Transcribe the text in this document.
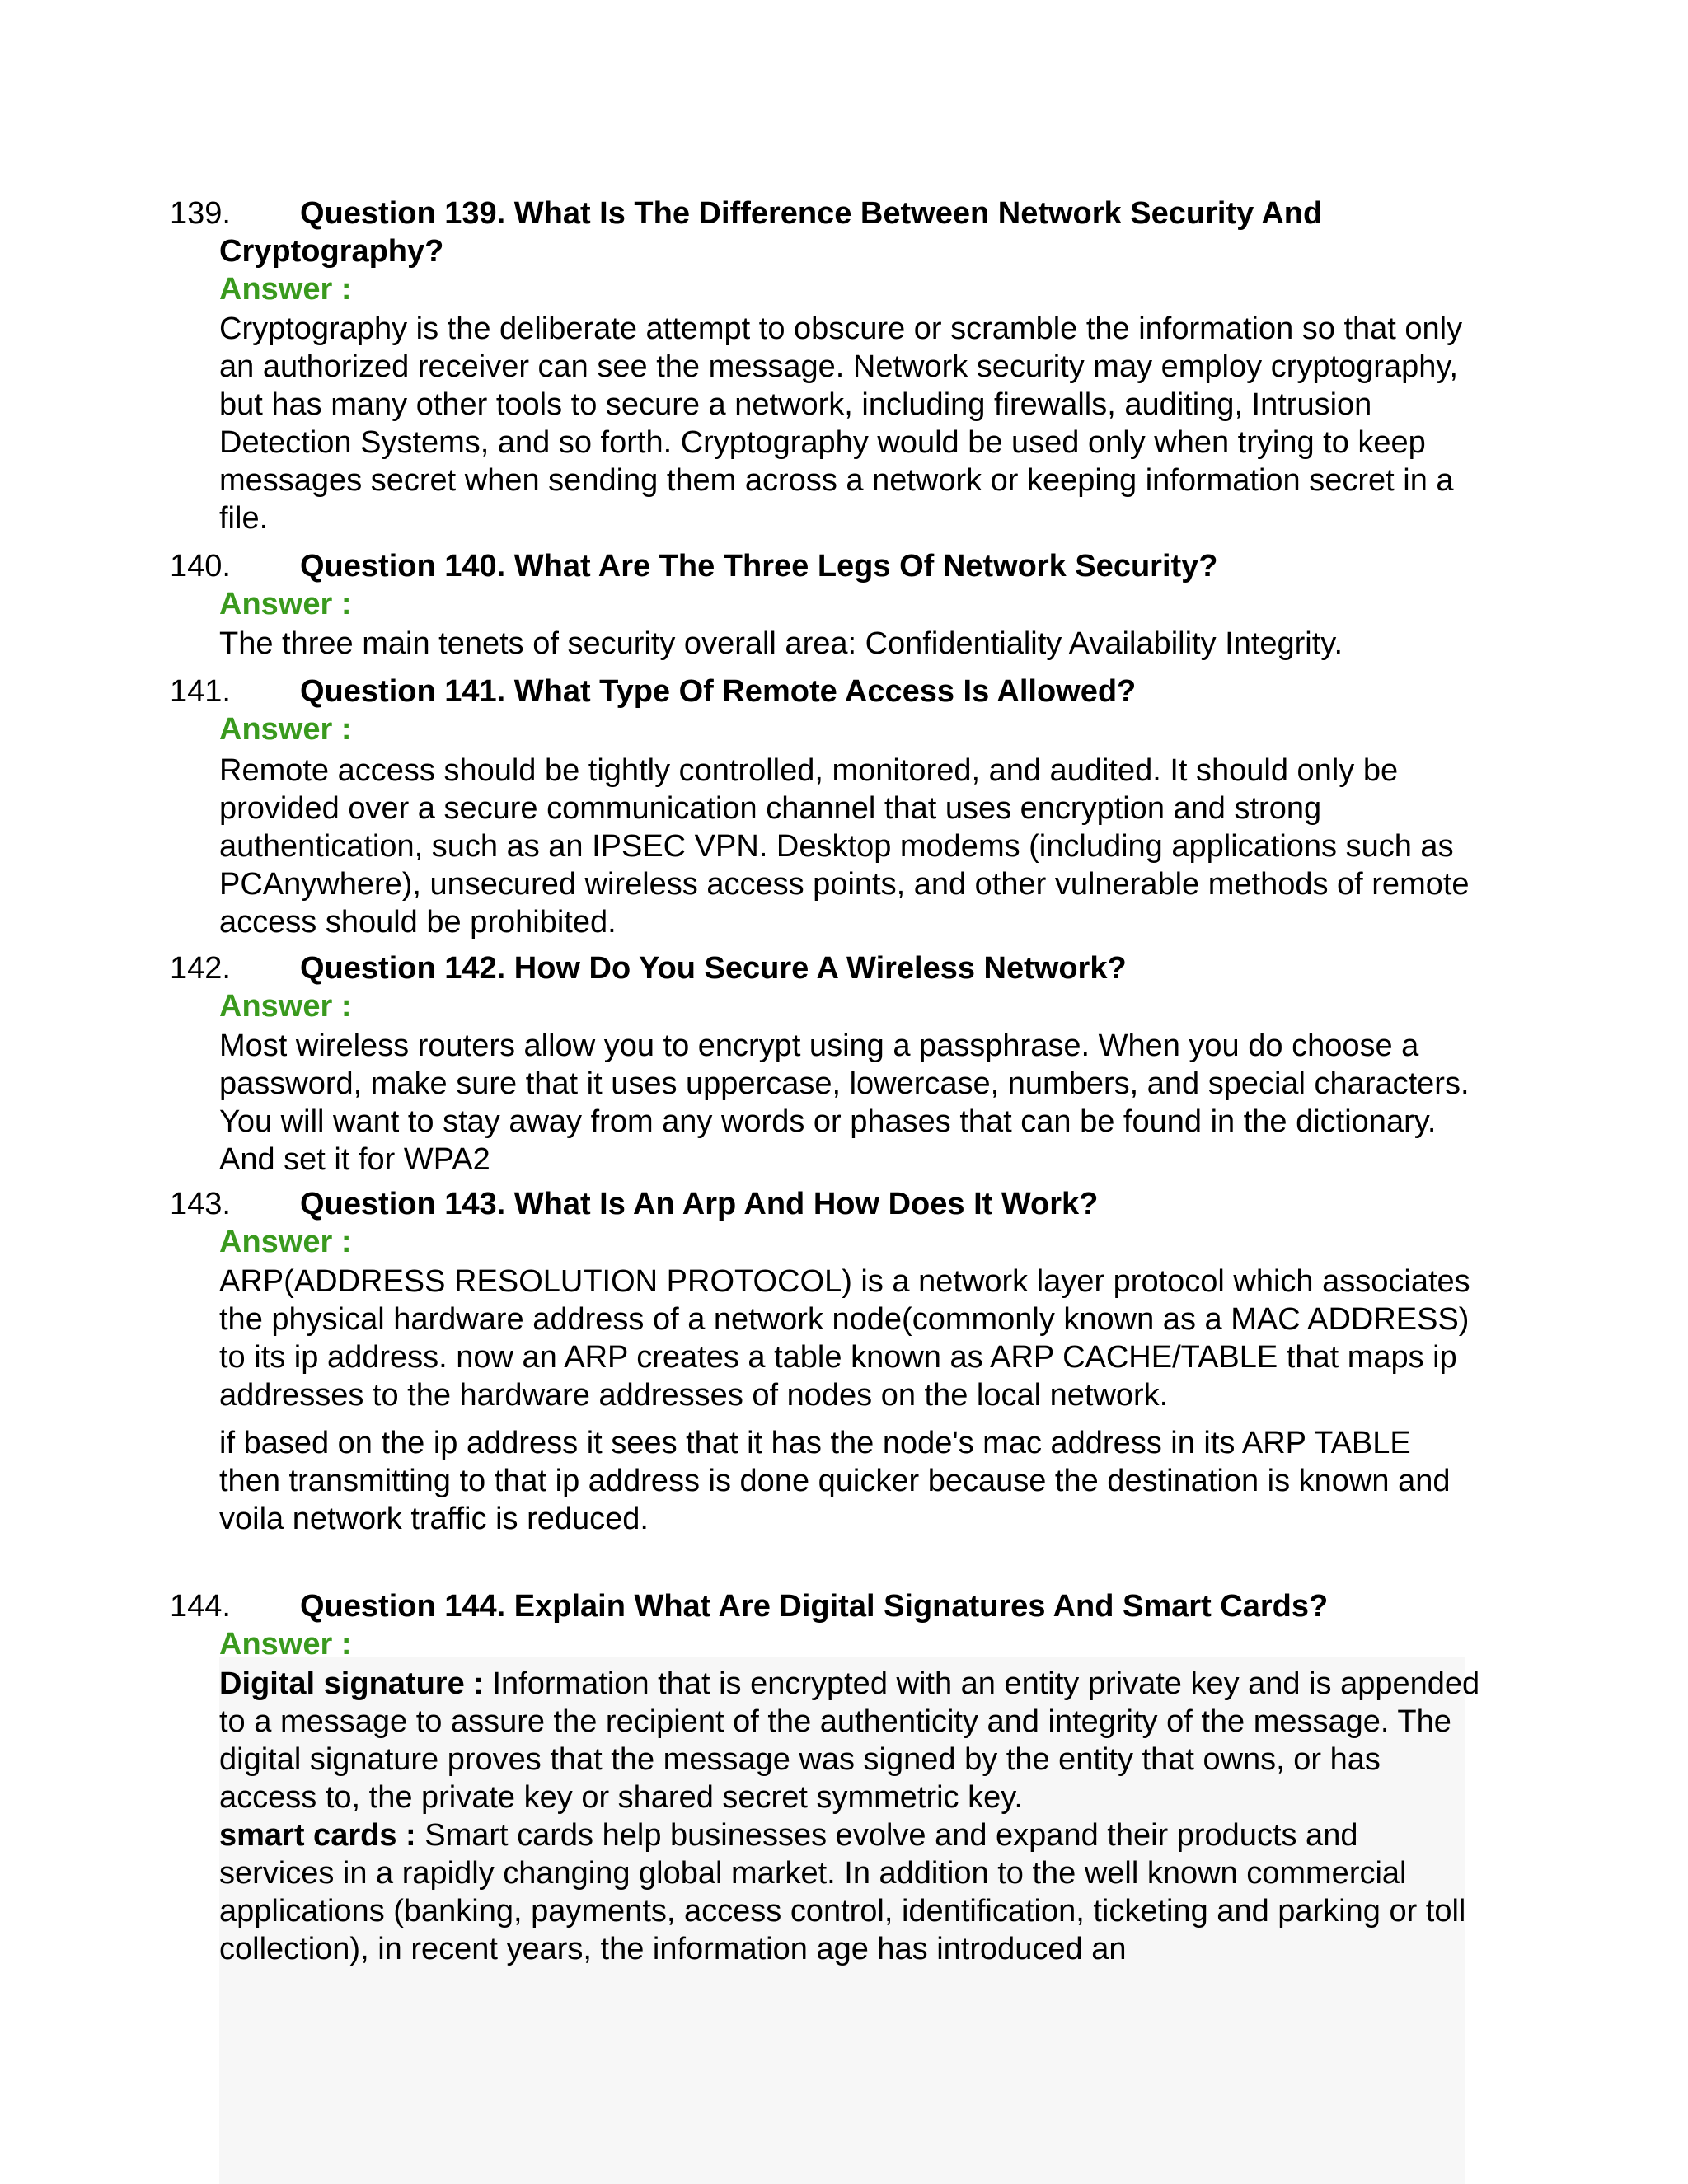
139.	Question 139. What Is The Difference Between Network Security And Cryptography?
Answer :

Cryptography is the deliberate attempt to obscure or scramble the information so that only an authorized receiver can see the message. Network security may employ cryptography, but has many other tools to secure a network, including firewalls, auditing, Intrusion Detection Systems, and so forth. Cryptography would be used only when trying to keep messages secret when sending them across a network or keeping information secret in a file.

140.	Question 140. What Are The Three Legs Of Network Security?
Answer :

The three main tenets of security overall area: Confidentiality Availability Integrity.

141.	Question 141. What Type Of Remote Access Is Allowed?
Answer :

Remote access should be tightly controlled, monitored, and audited. It should only be provided over a secure communication channel that uses encryption and strong authentication, such as an IPSEC VPN. Desktop modems (including applications such as PCAnywhere), unsecured wireless access points, and other vulnerable methods of remote access should be prohibited.

142.	Question 142. How Do You Secure A Wireless Network?
Answer :

Most wireless routers allow you to encrypt using a passphrase. When you do choose a password, make sure that it uses uppercase, lowercase, numbers, and special characters. You will want to stay away from any words or phases that can be found in the dictionary. And set it for WPA2

143.	Question 143. What Is An Arp And How Does It Work?
Answer :

ARP(ADDRESS RESOLUTION PROTOCOL) is a network layer protocol which associates the physical hardware address of a network node(commonly known as a MAC ADDRESS) to its ip address. now an ARP creates a table known as ARP CACHE/TABLE that maps ip addresses to the hardware addresses of nodes on the local network.

if based on the ip address it sees that it has the node's mac address in its ARP TABLE then transmitting to that ip address is done quicker because the destination is known and voila network traffic is reduced.

144.	Question 144. Explain What Are Digital Signatures And Smart Cards?
Answer :

Digital signature : Information that is encrypted with an entity private key and is appended to a message to assure the recipient of the authenticity and integrity of the message. The digital signature proves that the message was signed by the entity that owns, or has access to, the private key or shared secret symmetric key.

smart cards : Smart cards help businesses evolve and expand their products and services in a rapidly changing global market. In addition to the well known commercial applications (banking, payments, access control, identification, ticketing and parking or toll collection), in recent years, the information age has introduced an
